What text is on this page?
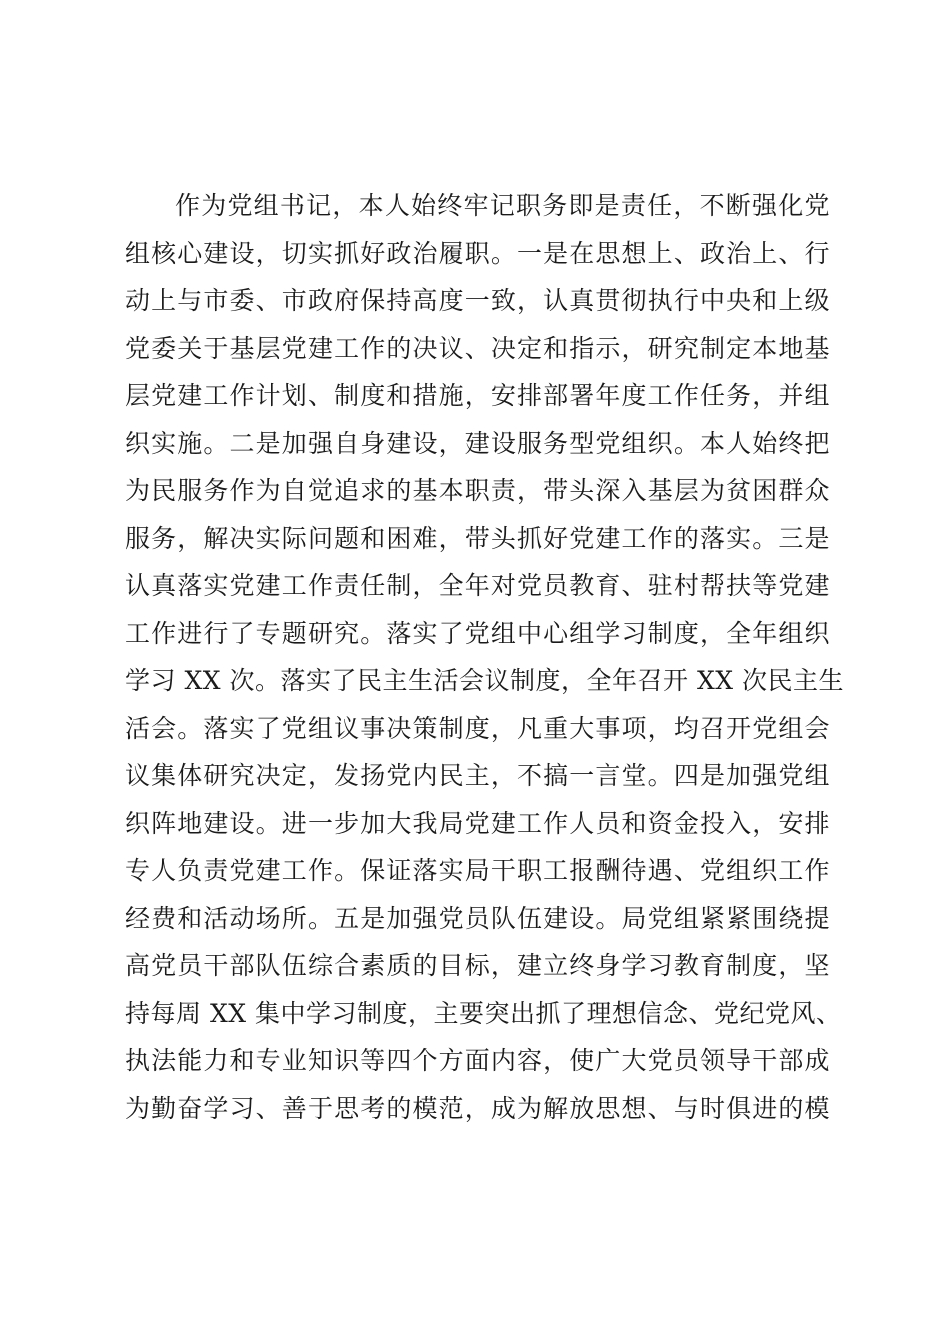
作为党组书记，本人始终牢记职务即是责任，不断强化党
组核心建设，切实抓好政治履职。一是在思想上、政治上、行
动上与市委、市政府保持高度一致，认真贯彻执行中央和上级
党委关于基层党建工作的决议、决定和指示，研究制定本地基
层党建工作计划、制度和措施，安排部署年度工作任务，并组
织实施。二是加强自身建设，建设服务型党组织。本人始终把
为民服务作为自觉追求的基本职责，带头深入基层为贫困群众
服务，解决实际问题和困难，带头抓好党建工作的落实。三是
认真落实党建工作责任制，全年对党员教育、驻村帮扶等党建
工作进行了专题研究。落实了党组中心组学习制度，全年组织
学习 XX 次。落实了民主生活会议制度，全年召开 XX 次民主生
活会。落实了党组议事决策制度，凡重大事项，均召开党组会
议集体研究决定，发扬党内民主，不搞一言堂。四是加强党组
织阵地建设。进一步加大我局党建工作人员和资金投入，安排
专人负责党建工作。保证落实局干职工报酬待遇、党组织工作
经费和活动场所。五是加强党员队伍建设。局党组紧紧围绕提
高党员干部队伍综合素质的目标，建立终身学习教育制度，坚
持每周 XX 集中学习制度，主要突出抓了理想信念、党纪党风、
执法能力和专业知识等四个方面内容，使广大党员领导干部成
为勤奋学习、善于思考的模范，成为解放思想、与时俱进的模
